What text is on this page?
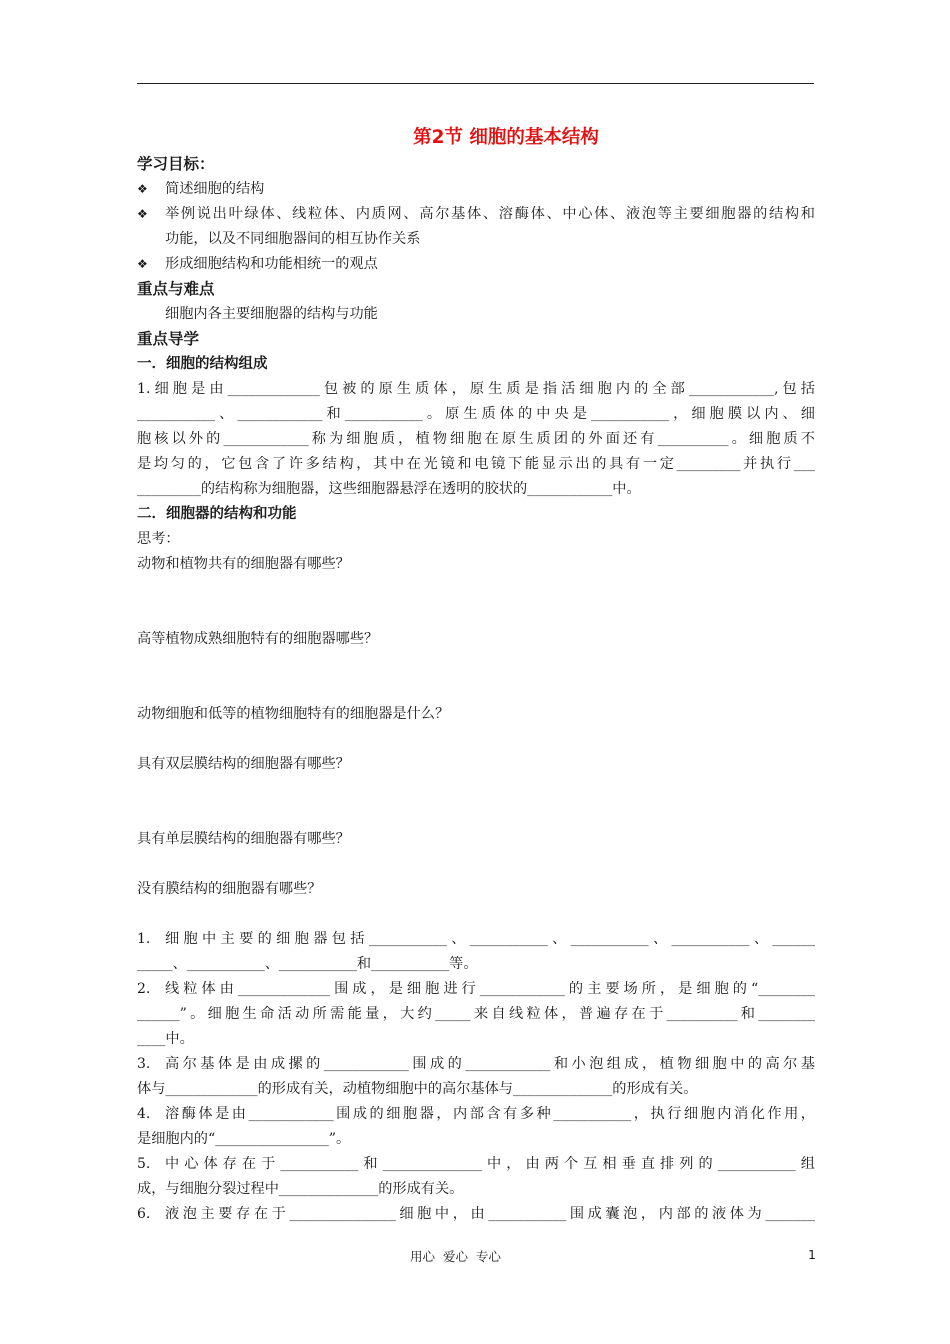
第2节 细胞的基本结构
学习目标：
❖	简述细胞的结构
❖	举例说出叶绿体、线粒体、内质网、高尔基体、溶酶体、中心体、液泡等主要细胞器的结构和
功能，以及不同细胞器间的相互协作关系
❖	形成细胞结构和功能相统一的观点
重点与难点
细胞内各主要细胞器的结构与功能
重点导学
一．细胞的结构组成
1.细胞是由_____________包被的原生质体，原生质是指活细胞内的全部____________,包括
___________、____________和___________。原生质体的中央是___________，细胞膜以内、细
胞核以外的____________称为细胞质，植物细胞在原生质团的外面还有__________。细胞质不
是均匀的，它包含了许多结构，其中在光镜和电镜下能显示出的具有一定_________并执行___
_________的结构称为细胞器，这些细胞器悬浮在透明的胶状的____________中。
二．细胞器的结构和功能
思考：
动物和植物共有的细胞器有哪些？
高等植物成熟细胞特有的细胞器哪些？
动物细胞和低等的植物细胞特有的细胞器是什么？
具有双层膜结构的细胞器有哪些？
具有单层膜结构的细胞器有哪些？
没有膜结构的细胞器有哪些？
1.	细胞中主要的细胞器包括___________、___________、___________、___________、______
_____、___________、___________和___________等。
2.	线粒体由_____________围成，是细胞进行____________的主要场所，是细胞的“________
______”。细胞生命活动所需能量，大约_____来自线粒体，普遍存在于__________和________
____中。
3.	高尔基体是由成摞的____________围成的____________和小泡组成，植物细胞中的高尔基
体与_____________的形成有关，动植物细胞中的高尔基体与______________的形成有关。
4.	溶酶体是由____________围成的细胞器，内部含有多种___________，执行细胞内消化作用，
是细胞内的“________________”。
5.	中心体存在于___________和______________中，由两个互相垂直排列的___________组
成，与细胞分裂过程中______________的形成有关。
6.	液泡主要存在于_______________细胞中，由___________围成囊泡，内部的液体为_______
用心  爱心  专心	1
